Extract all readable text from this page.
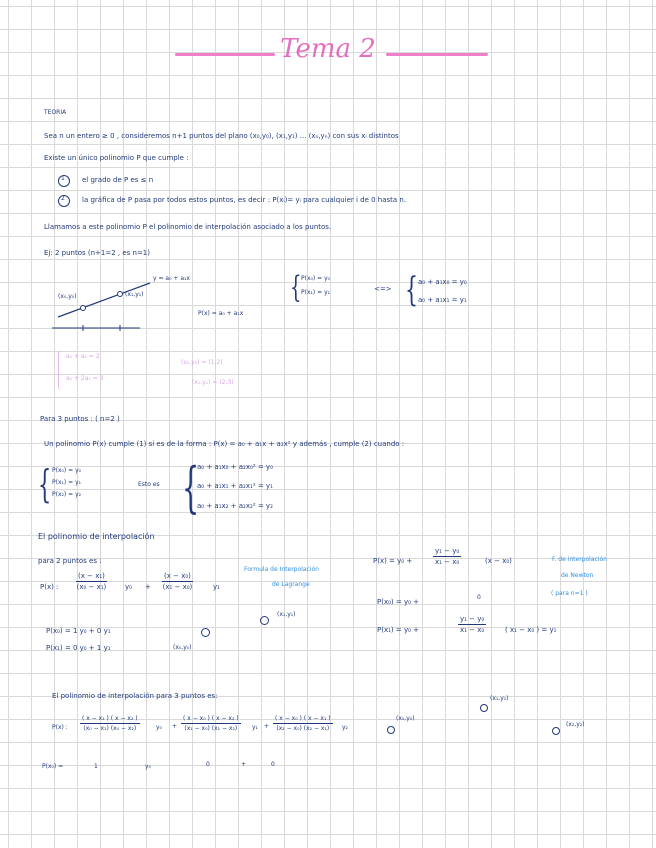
Tema 2
TEORIA
Sea n un entero ≥ 0 , consideremos n+1 puntos del plano (x₀,y₀), (x₁,y₁) ... (xₙ,yₙ) con sus xᵢ distintos
Existe un único polinomio P que cumple :
1 el grado de P es ≤ n
2 la gráfica de P pasa por todos estos puntos, es decir : P(xᵢ)= yᵢ para cualquier i de 0 hasta n.
Llamamos a este polinomio P el polinomio de interpolación asociado a los puntos.
Ej: 2 puntos (n+1=2 , es n=1)
y = a₀ + a₁x
(x₀,y₀)	(x₁,y₁)
P(x) = a₀ + a₁x
{ P(x₀) = y₀
P(x₁) = y₁	<=> { a₀ + a₁x₀ = y₀
a₀ + a₁x₁ = y₁
a₀ + a₁ = 2
a₀ + 2a₁ = 3
(x₀,y₀) = (1,2)
(x₁,y₁) = (2,3)
Para 3 puntos : ( n=2 )
Un polinomio P(x) cumple (1) si es de la forma : P(x) = a₀ + a₁x + a₂x² y además , cumple (2) cuando :
{ P(x₀) = y₀
P(x₁) = y₁
P(x₂) = y₂
Esto es {
a₀ + a₁x₀ + a₂x₀² = y₀
a₀ + a₁x₁ + a₂x₁² = y₁
a₀ + a₁x₂ + a₂x₂² = y₂
El polinomio de interpolación
para 2 puntos es :
P(x) :	$\frac{\text{(x − x₁)}}{\text{(x₀ − x₁)}}$	$y_0 + \frac{\text{(x − x₀)}}{\text{(x₁ − x₀)}}$	y₁
Formula de Interpolación
de Lagrange
P(x₀) = 1 y₀ + 0 y₁
P(x₁) = 0 y₀ + 1 y₁	(x₀,y₀)
(x₁,y₁)
P(x) = y₀ +	$\frac{\text{y₁ − y₀}}{\text{x₁ − x₀}}$	(x − x₀)	F. de interpolación
de Newton
( para n=1 )
P(x₀) = y₀ +
0
P(x₁) = y₀ +	$\frac{\text{y₁ − y₀}}{\text{x₁ − x₀}}$	( x₁ − x₀ ) = y₁
El polinomio de interpolación para 3 puntos es:
P(x) : $\frac{\text{( x − x₁ ) ( x − x₂ )}}{\text{(x₀ − x₁) (x₀ − x₂)}}$	$y_0 + \frac{\text{( x − x₀ ) ( x − x₂ )}}{\text{(x₁ − x₀) (x₁ − x₂)}} y_1 + \frac{\text{( x − x₀ ) ( x − x₁ )}}{\text{(x₂ − x₀) (x₂ − x₁)}} y_2$
(x₀,y₀)
(x₁,y₁)
(x₂,y₂)
P(x₀) =	1	y₀	0	+	0
